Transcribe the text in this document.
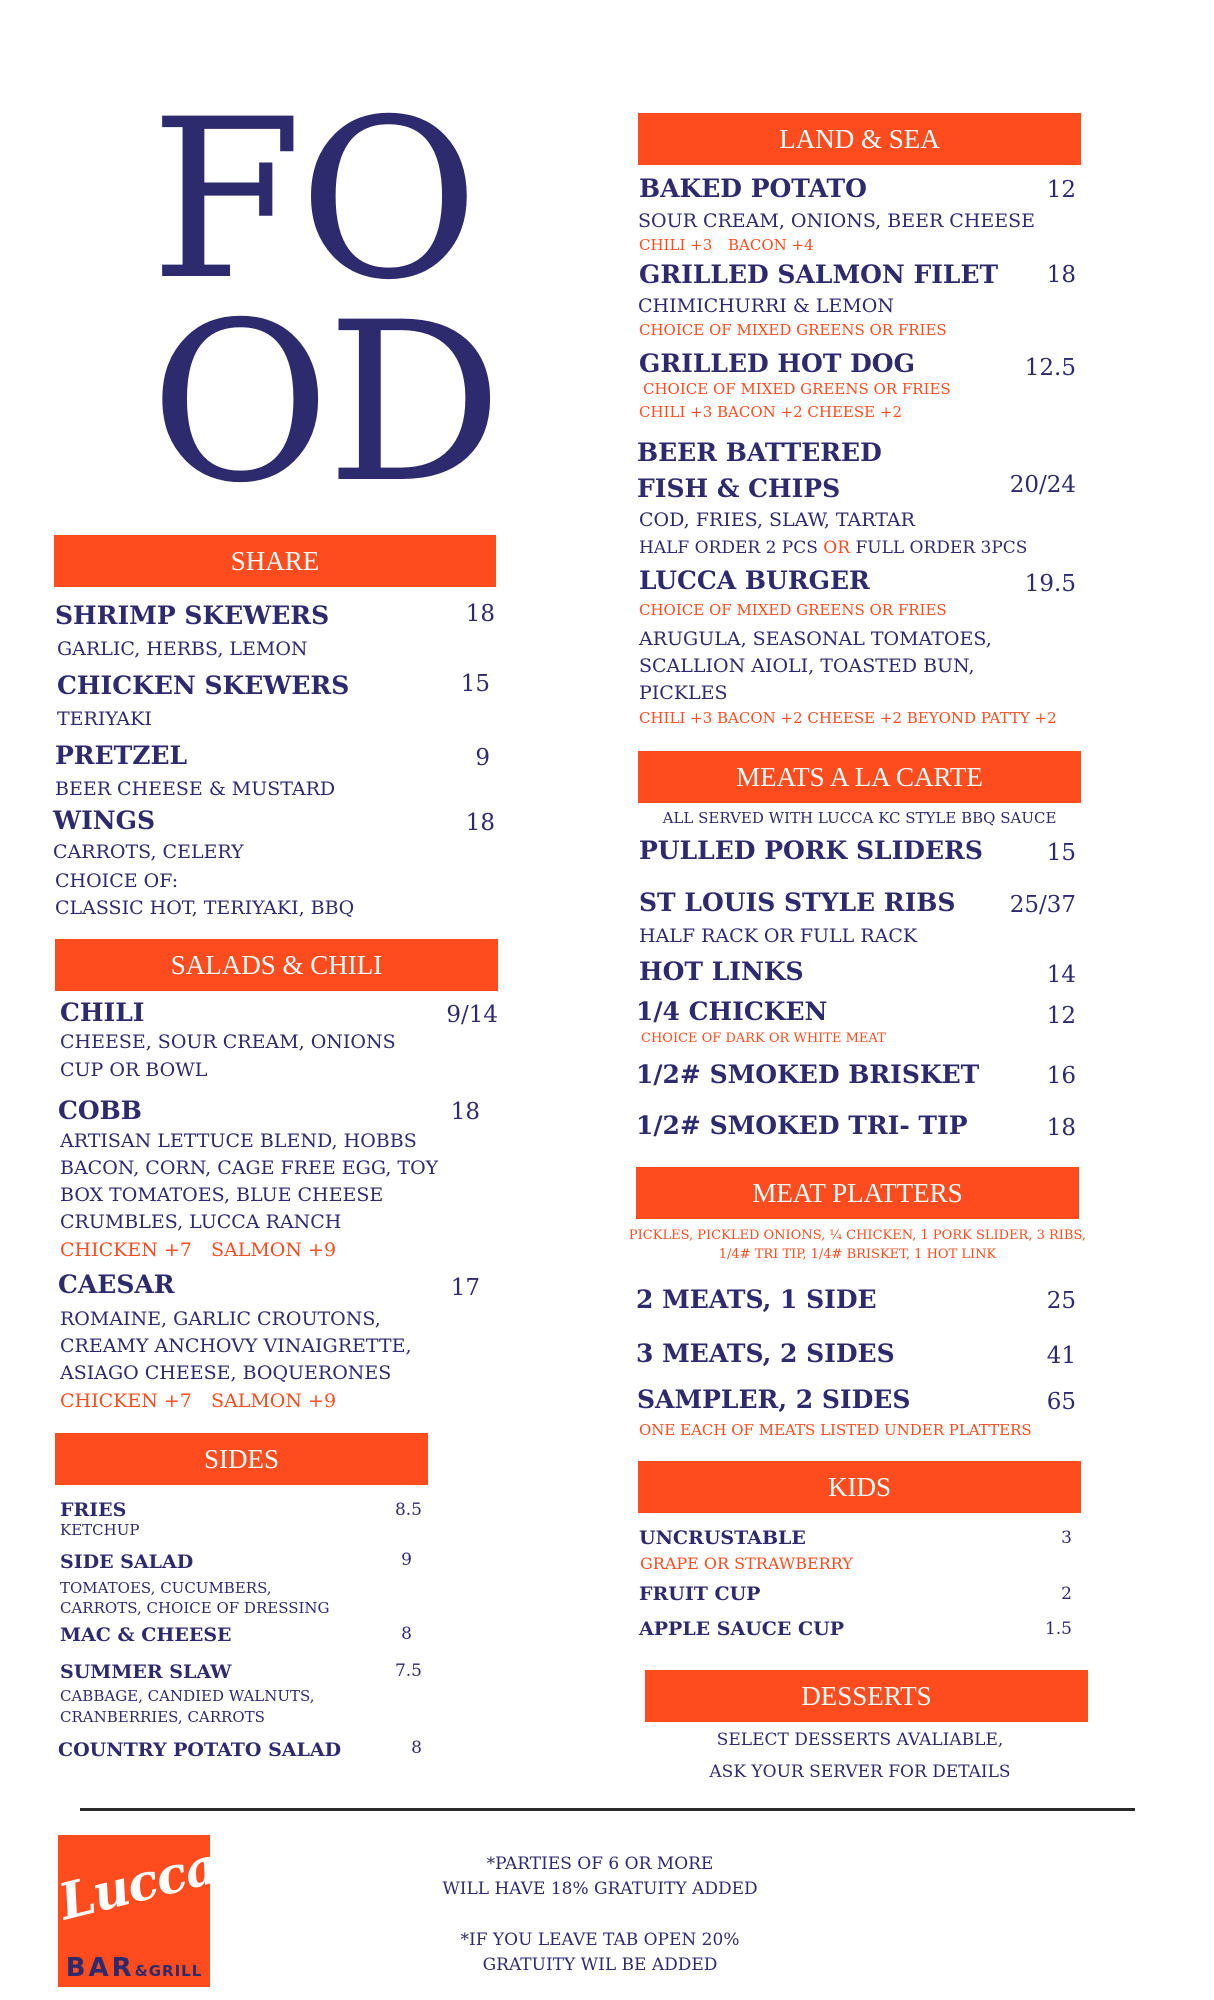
FO
OD
SHARE
SHRIMP SKEWERS	18
GARLIC, HERBS, LEMON
CHICKEN SKEWERS	15
TERIYAKI
PRETZEL	9
BEER CHEESE & MUSTARD
WINGS	18
CARROTS, CELERY
CHOICE OF:
CLASSIC HOT, TERIYAKI, BBQ
SALADS & CHILI
CHILI	9/14
CHEESE, SOUR CREAM, ONIONS
CUP OR BOWL
COBB	18
ARTISAN LETTUCE BLEND, HOBBS
BACON, CORN, CAGE FREE EGG, TOY
BOX TOMATOES, BLUE CHEESE
CRUMBLES, LUCCA RANCH
CHICKEN +7 SALMON +9
CAESAR	17
ROMAINE, GARLIC CROUTONS,
CREAMY ANCHOVY VINAIGRETTE,
ASIAGO CHEESE, BOQUERONES
CHICKEN +7 SALMON +9
SIDES
FRIES	8.5
KETCHUP
SIDE SALAD	9
TOMATOES, CUCUMBERS,
CARROTS, CHOICE OF DRESSING
MAC & CHEESE	8
SUMMER SLAW	7.5
CABBAGE, CANDIED WALNUTS,
CRANBERRIES, CARROTS
COUNTRY POTATO SALAD	8
LAND & SEA
BAKED POTATO	12
SOUR CREAM, ONIONS, BEER CHEESE
CHILI +3 BACON +4
GRILLED SALMON FILET	18
CHIMICHURRI & LEMON
CHOICE OF MIXED GREENS OR FRIES
GRILLED HOT DOG	12.5
CHOICE OF MIXED GREENS OR FRIES
CHILI +3 BACON +2 CHEESE +2
BEER BATTERED
FISH & CHIPS	20/24
COD, FRIES, SLAW, TARTAR
HALF ORDER 2 PCS OR FULL ORDER 3PCS
LUCCA BURGER	19.5
CHOICE OF MIXED GREENS OR FRIES
ARUGULA, SEASONAL TOMATOES,
SCALLION AIOLI, TOASTED BUN,
PICKLES
CHILI +3 BACON +2 CHEESE +2 BEYOND PATTY +2
MEATS A LA CARTE
ALL SERVED WITH LUCCA KC STYLE BBQ SAUCE
PULLED PORK SLIDERS	15
ST LOUIS STYLE RIBS	25/37
HALF RACK OR FULL RACK
HOT LINKS	14
1/4 CHICKEN	12
CHOICE OF DARK OR WHITE MEAT
1/2# SMOKED BRISKET	16
1/2# SMOKED TRI- TIP	18
MEAT PLATTERS
PICKLES, PICKLED ONIONS, ¼ CHICKEN, 1 PORK SLIDER, 3 RIBS,
1/4# TRI TIP, 1/4# BRISKET, 1 HOT LINK
2 MEATS, 1 SIDE	25
3 MEATS, 2 SIDES	41
SAMPLER, 2 SIDES	65
ONE EACH OF MEATS LISTED UNDER PLATTERS
KIDS
UNCRUSTABLE	3
GRAPE OR STRAWBERRY
FRUIT CUP	2
APPLE SAUCE CUP	1.5
DESSERTS
SELECT DESSERTS AVALIABLE,
ASK YOUR SERVER FOR DETAILS
Lucca
BAR&GRILL
*PARTIES OF 6 OR MORE
WILL HAVE 18% GRATUITY ADDED
*IF YOU LEAVE TAB OPEN 20%
GRATUITY WIL BE ADDED
